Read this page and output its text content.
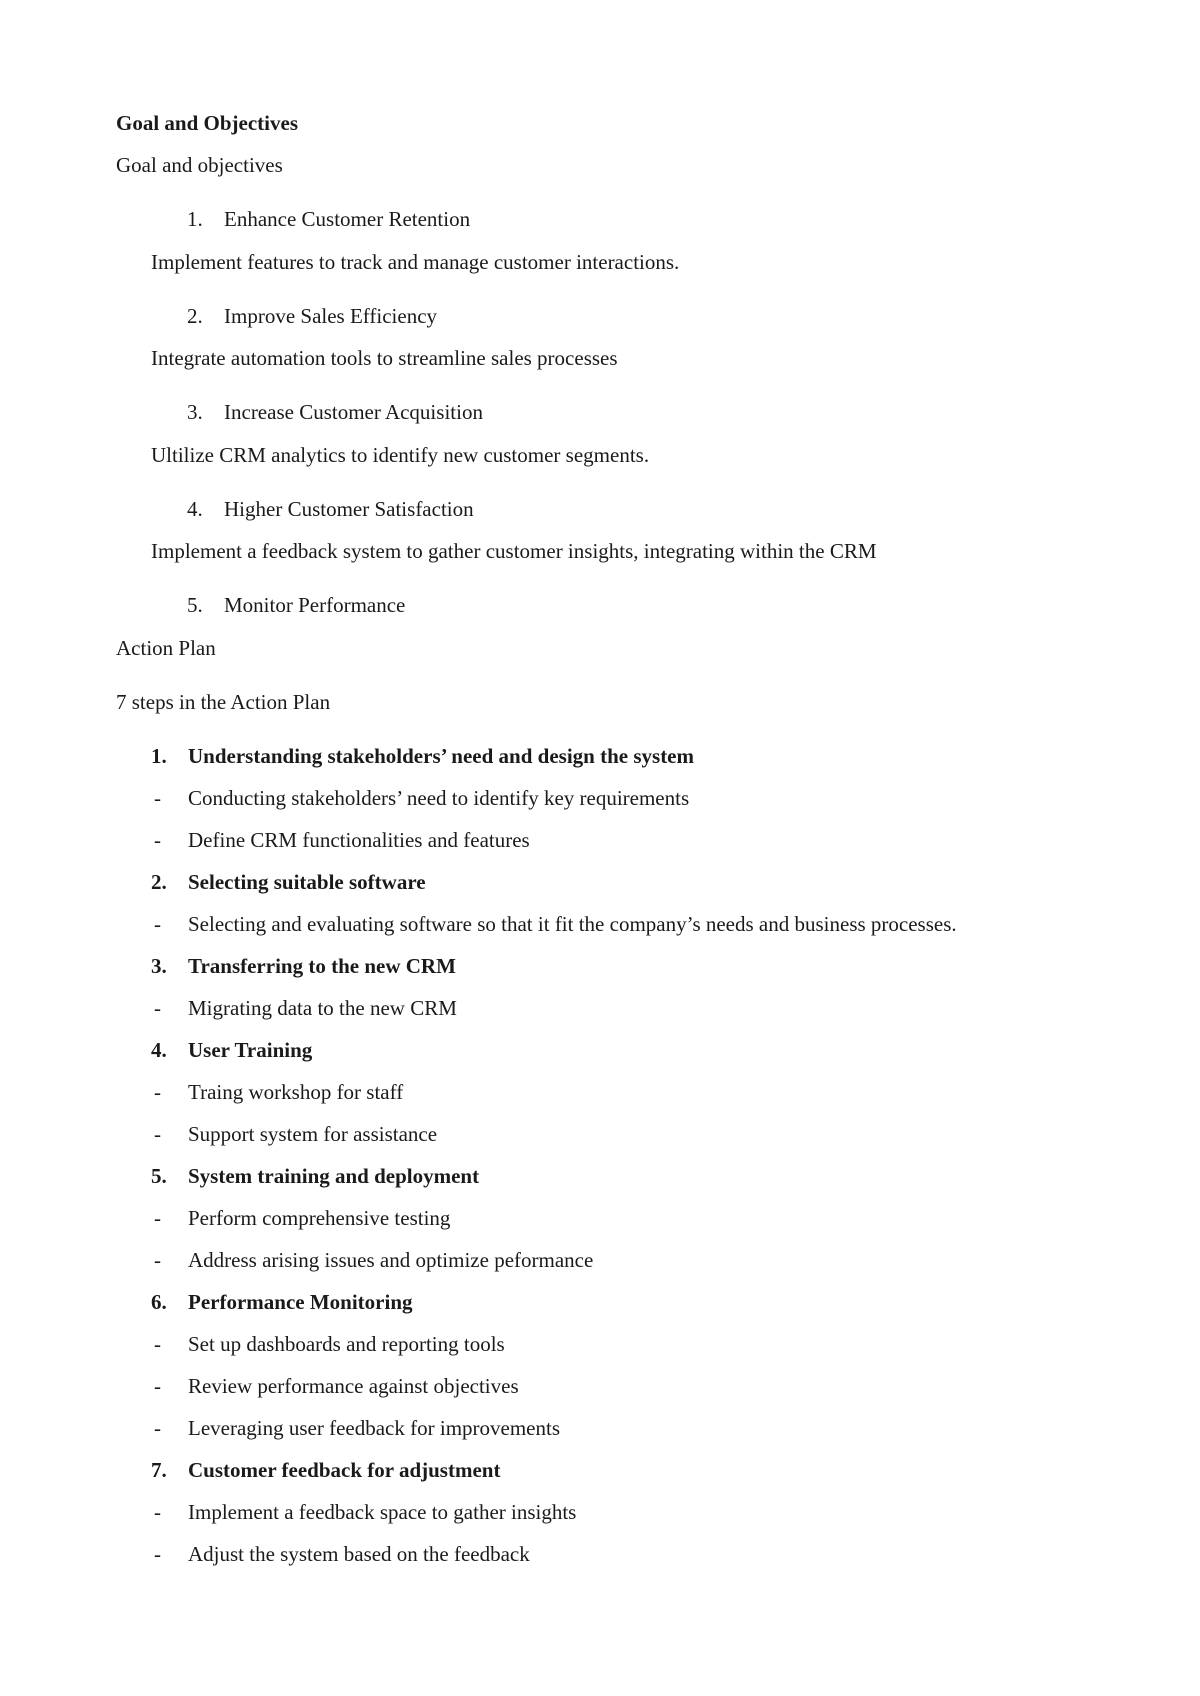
Goal and Objectives
Goal and objectives
1. Enhance Customer Retention
Implement features to track and manage customer interactions.
2. Improve Sales Efficiency
Integrate automation tools to streamline sales processes
3. Increase Customer Acquisition
Ultilize CRM analytics to identify new customer segments.
4. Higher Customer Satisfaction
Implement a feedback system to gather customer insights, integrating within the CRM
5. Monitor Performance
Action Plan
7 steps in the Action Plan
1. Understanding stakeholders’ need and design the system
- Conducting stakeholders’ need to identify key requirements
- Define CRM functionalities and features
2. Selecting suitable software
- Selecting and evaluating software so that it fit the company’s needs and business processes.
3. Transferring to the new CRM
- Migrating data to the new CRM
4. User Training
- Traing workshop for staff
- Support system for assistance
5. System training and deployment
- Perform comprehensive testing
- Address arising issues and optimize peformance
6. Performance Monitoring
- Set up dashboards and reporting tools
- Review performance against objectives
- Leveraging user feedback for improvements
7. Customer feedback for adjustment
- Implement a feedback space to gather insights
- Adjust the system based on the feedback
